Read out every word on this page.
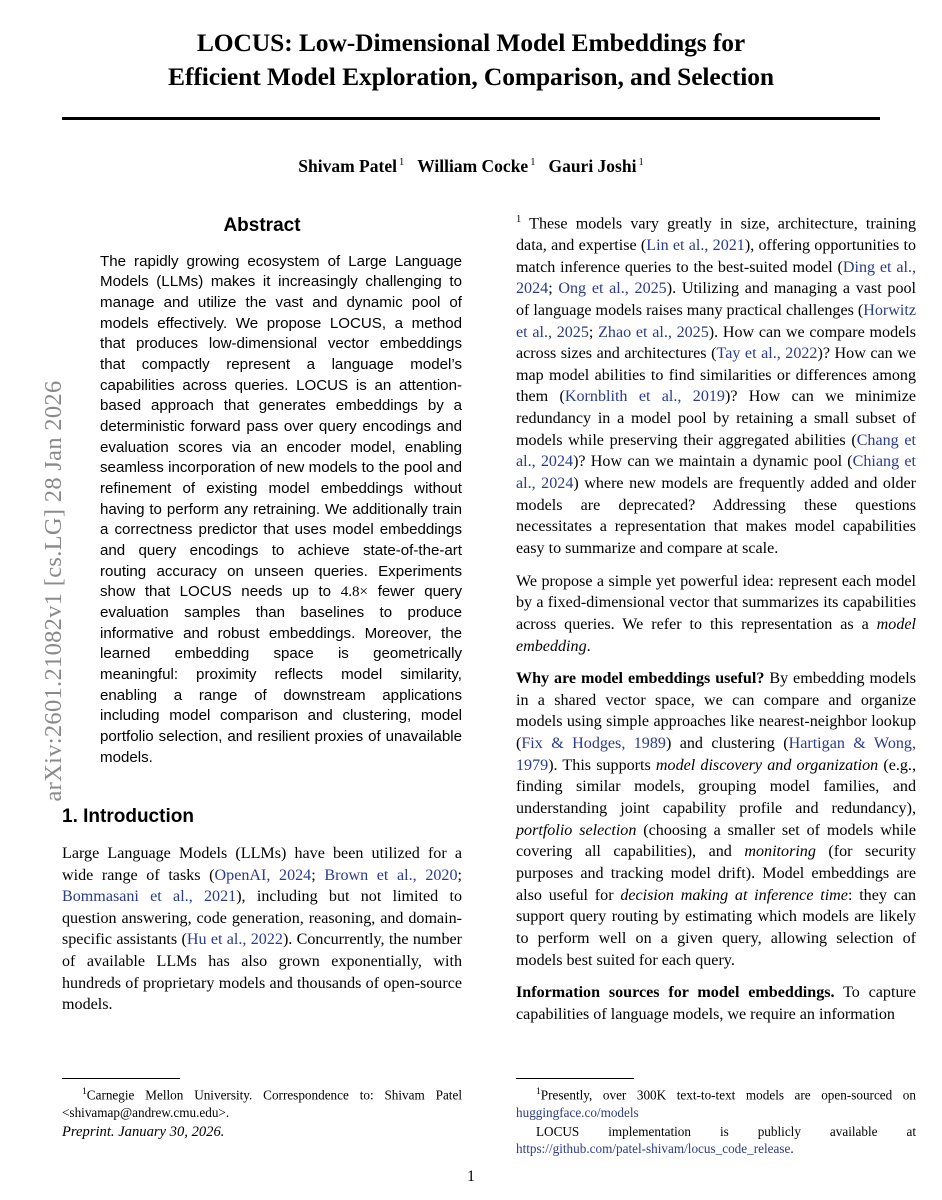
arXiv:2601.21082v1 [cs.LG] 28 Jan 2026
LOCUS: Low-Dimensional Model Embeddings for
Efficient Model Exploration, Comparison, and Selection
Shivam Patel $^1$ William Cocke $^1$ Gauri Joshi $^1$
Abstract
The rapidly growing ecosystem of Large Language Models (LLMs) makes it increasingly challenging to manage and utilize the vast and dynamic pool of models effectively. We propose LOCUS, a method that produces low-dimensional vector embeddings that compactly represent a language model’s capabilities across queries. LOCUS is an attention-based approach that generates embeddings by a deterministic forward pass over query encodings and evaluation scores via an encoder model, enabling seamless incorporation of new models to the pool and refinement of existing model embeddings without having to perform any retraining. We additionally train a correctness predictor that uses model embeddings and query encodings to achieve state-of-the-art routing accuracy on unseen queries. Experiments show that LOCUS needs up to 4.8× fewer query evaluation samples than baselines to produce informative and robust embeddings. Moreover, the learned embedding space is geometrically meaningful: proximity reflects model similarity, enabling a range of downstream applications including model comparison and clustering, model portfolio selection, and resilient proxies of unavailable models.
1. Introduction

Large Language Models (LLMs) have been utilized for a wide range of tasks (OpenAI, 2024; Brown et al., 2020; Bommasani et al., 2021), including but not limited to question answering, code generation, reasoning, and domain-specific assistants (Hu et al., 2022). Concurrently, the number of available LLMs has also grown exponentially, with hundreds of proprietary models and thousands of open-source models.

$^1$ These models vary greatly in size, architecture, training data, and expertise (Lin et al., 2021), offering opportunities to match inference queries to the best-suited model (Ding et al., 2024; Ong et al., 2025). Utilizing and managing a vast pool of language models raises many practical challenges (Horwitz et al., 2025; Zhao et al., 2025). How can we compare models across sizes and architectures (Tay et al., 2022)? How can we map model abilities to find similarities or differences among them (Kornblith et al., 2019)? How can we minimize redundancy in a model pool by retaining a small subset of models while preserving their aggregated abilities (Chang et al., 2024)? How can we maintain a dynamic pool (Chiang et al., 2024) where new models are frequently added and older models are deprecated? Addressing these questions necessitates a representation that makes model capabilities easy to summarize and compare at scale.

We propose a simple yet powerful idea: represent each model by a fixed-dimensional vector that summarizes its capabilities across queries. We refer to this representation as a model embedding.

Why are model embeddings useful? By embedding models in a shared vector space, we can compare and organize models using simple approaches like nearest-neighbor lookup (Fix & Hodges, 1989) and clustering (Hartigan & Wong, 1979). This supports model discovery and organization (e.g., finding similar models, grouping model families, and understanding joint capability profile and redundancy), portfolio selection (choosing a smaller set of models while covering all capabilities), and monitoring (for security purposes and tracking model drift). Model embeddings are also useful for decision making at inference time: they can support query routing by estimating which models are likely to perform well on a given query, allowing selection of models best suited for each query.

Information sources for model embeddings. To capture capabilities of language models, we require an information

$^1$Carnegie Mellon University. Correspondence to: Shivam Patel <shivamap@andrew.cmu.edu>.

Preprint. January 30, 2026.

$^1$Presently, over 300K text-to-text models are open-sourced on huggingface.co/models

LOCUS implementation is publicly available at https://github.com/patel-shivam/locus_code_release.

1
